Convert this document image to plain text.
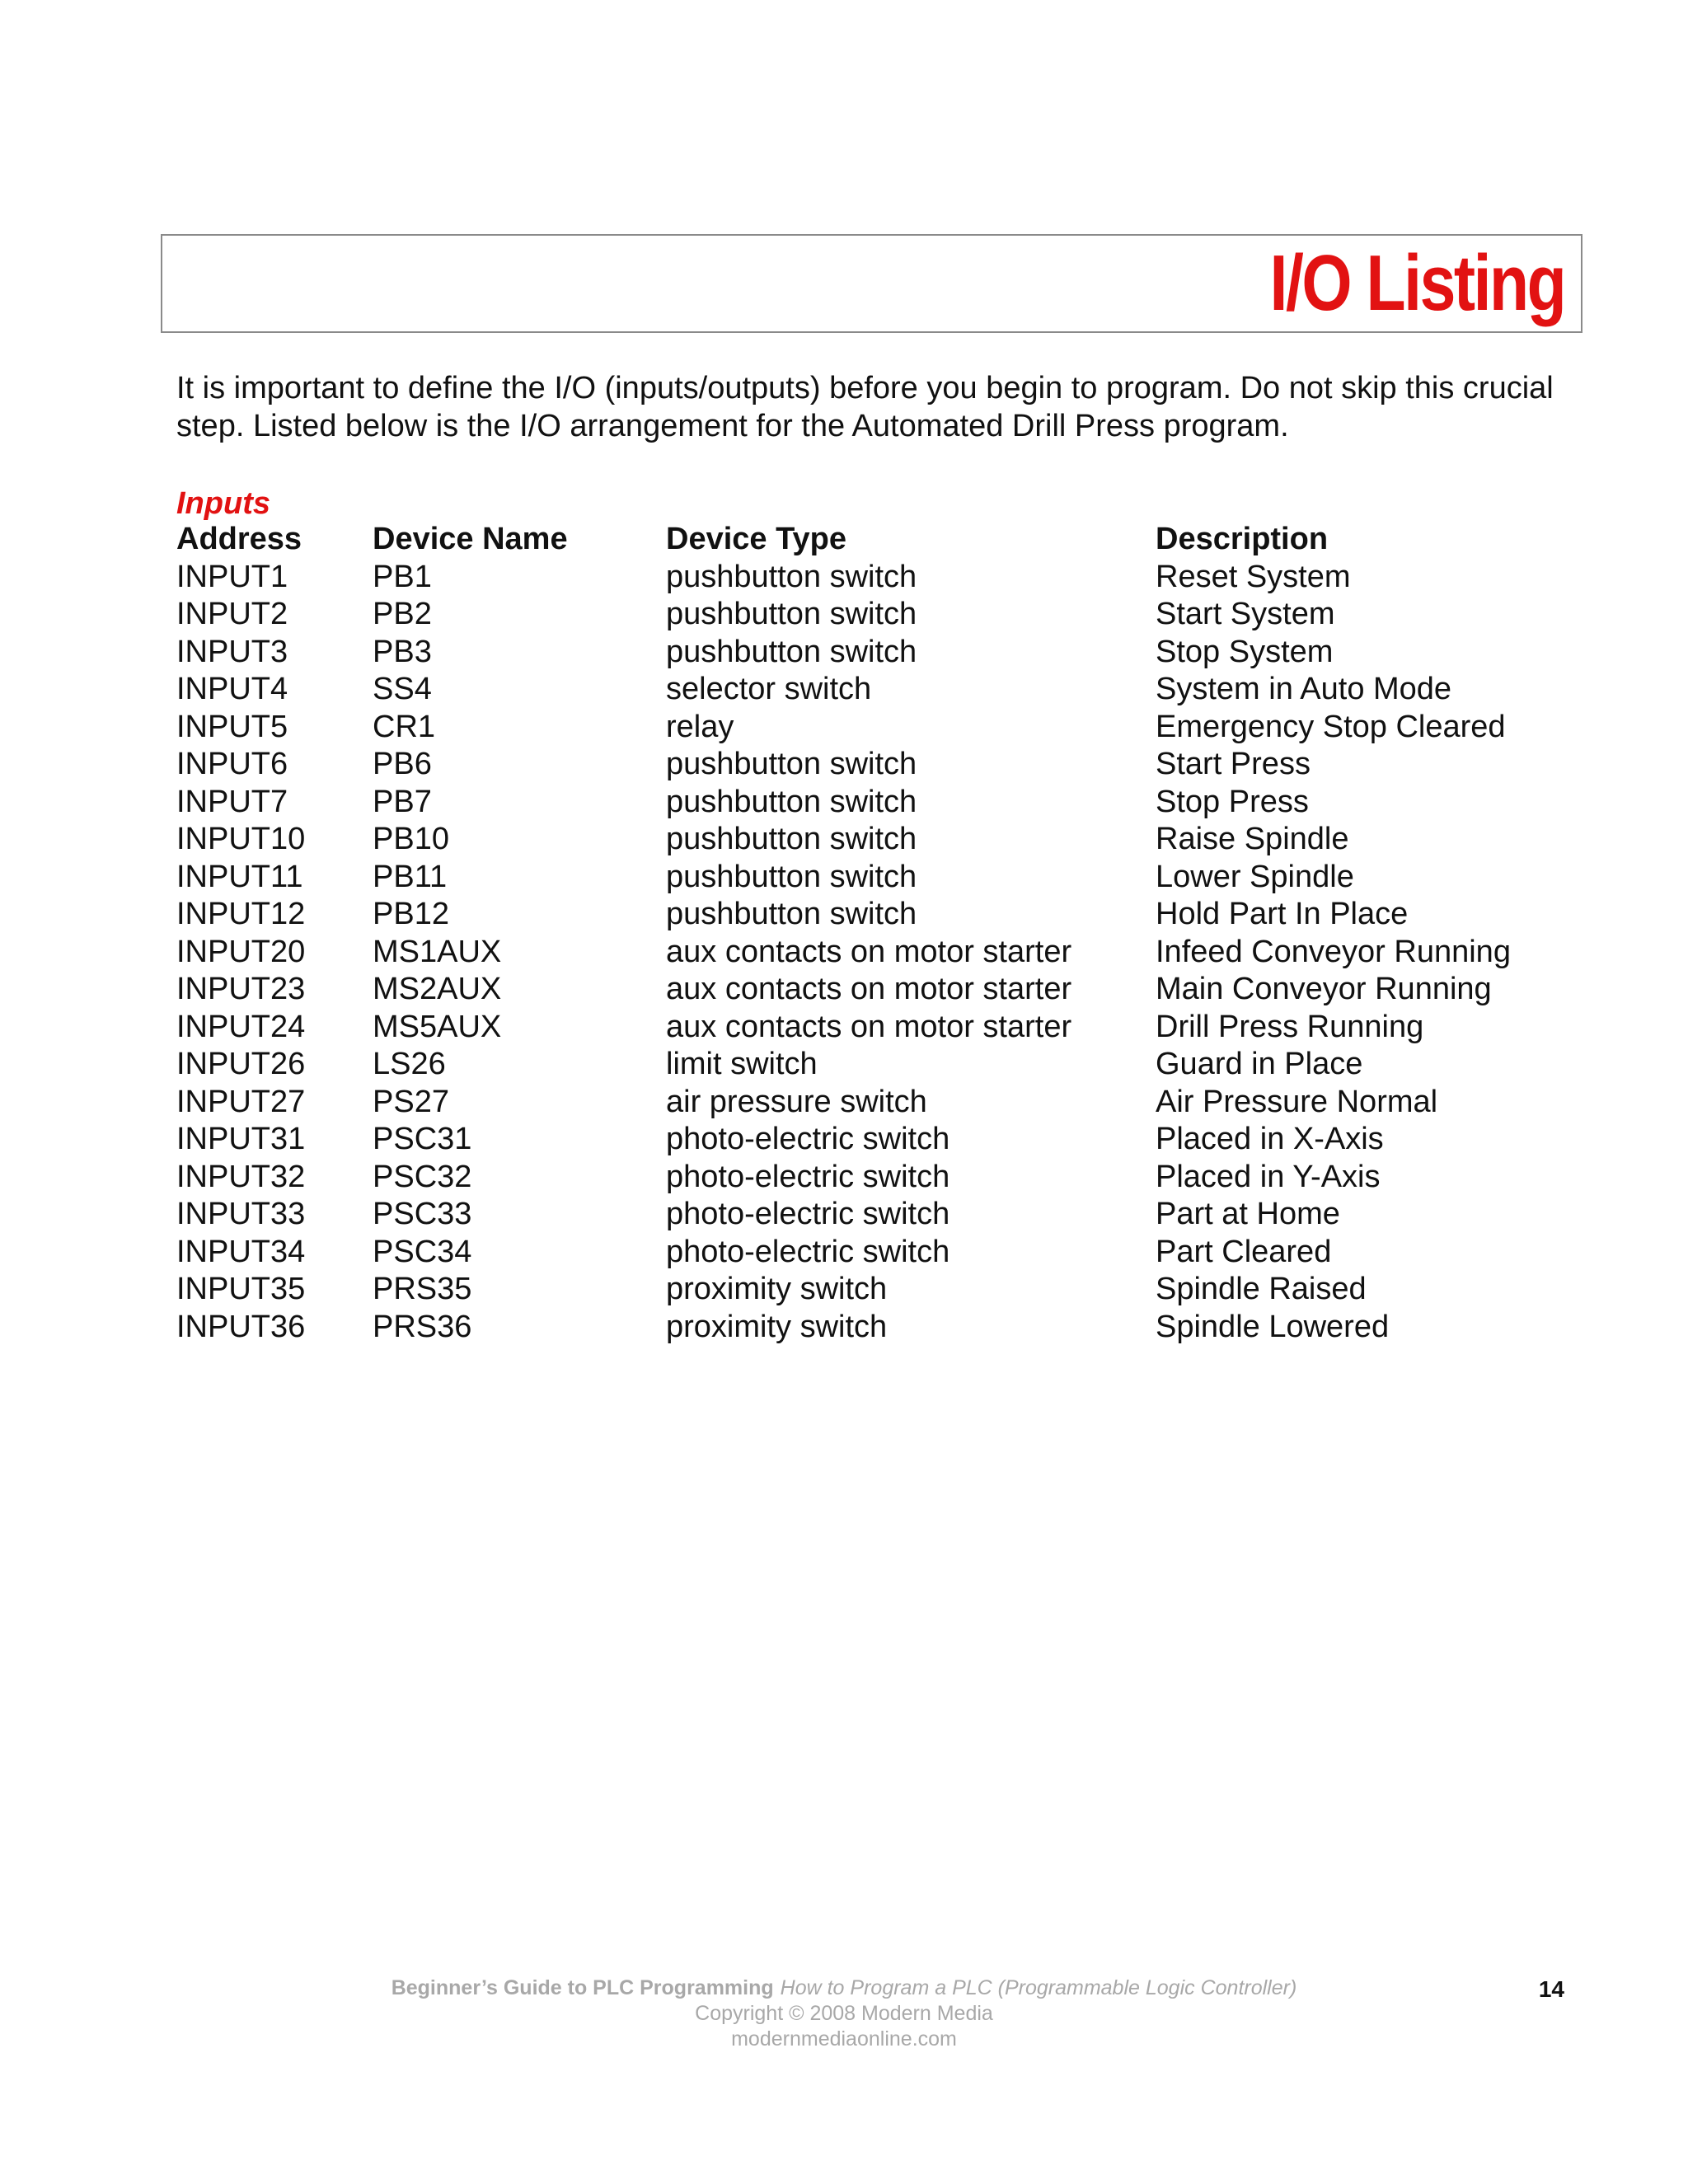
I/O Listing
It is important to define the I/O (inputs/outputs) before you begin to program. Do not skip this crucial step. Listed below is the I/O arrangement for the Automated Drill Press program.
Inputs
Address	Device Name	Device Type	Description
INPUT1	PB1	pushbutton switch	Reset System
INPUT2	PB2	pushbutton switch	Start System
INPUT3	PB3	pushbutton switch	Stop System
INPUT4	SS4	selector switch	System in Auto Mode
INPUT5	CR1	relay	Emergency Stop Cleared
INPUT6	PB6	pushbutton switch	Start Press
INPUT7	PB7	pushbutton switch	Stop Press
INPUT10	PB10	pushbutton switch	Raise Spindle
INPUT11	PB11	pushbutton switch	Lower Spindle
INPUT12	PB12	pushbutton switch	Hold Part In Place
INPUT20	MS1AUX	aux contacts on motor starter	Infeed Conveyor Running
INPUT23	MS2AUX	aux contacts on motor starter	Main Conveyor Running
INPUT24	MS5AUX	aux contacts on motor starter	Drill Press Running
INPUT26	LS26	limit switch	Guard in Place
INPUT27	PS27	air pressure switch	Air Pressure Normal
INPUT31	PSC31	photo-electric switch	Placed in X-Axis
INPUT32	PSC32	photo-electric switch	Placed in Y-Axis
INPUT33	PSC33	photo-electric switch	Part at Home
INPUT34	PSC34	photo-electric switch	Part Cleared
INPUT35	PRS35	proximity switch	Spindle Raised
INPUT36	PRS36	proximity switch	Spindle Lowered
Beginner’s Guide to PLC Programming How to Program a PLC (Programmable Logic Controller)
Copyright © 2008 Modern Media
modernmediaonline.com
14
